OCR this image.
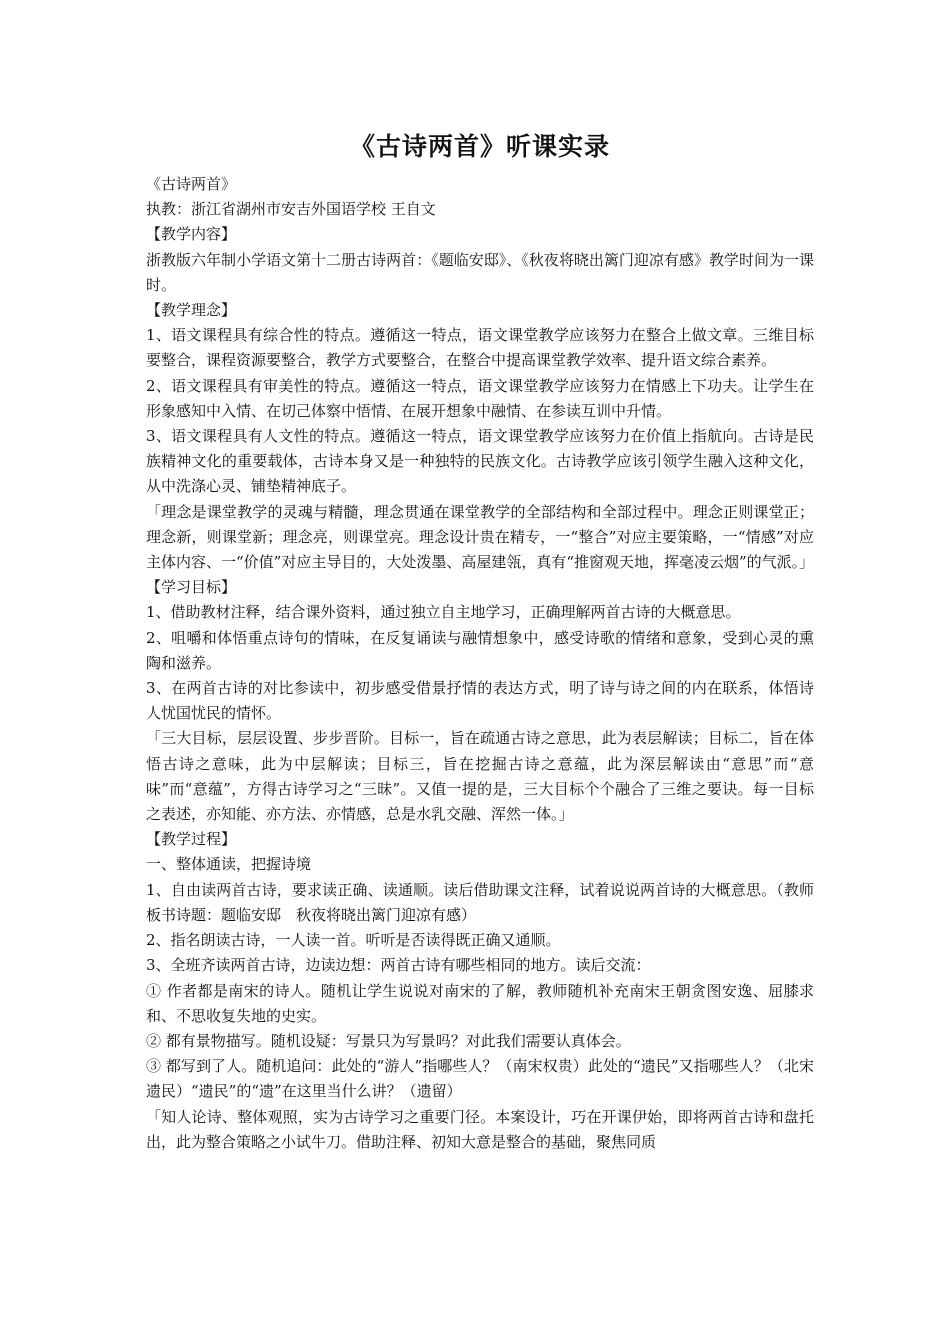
《古诗两首》听课实录

《古诗两首》

执教：浙江省湖州市安吉外国语学校 王自文

【教学内容】

浙教版六年制小学语文第十二册古诗两首：《题临安邸》、《秋夜将晓出篱门迎凉有感》教学时间为一课时。

【教学理念】

1、语文课程具有综合性的特点。遵循这一特点，语文课堂教学应该努力在整合上做文章。三维目标要整合，课程资源要整合，教学方式要整合，在整合中提高课堂教学效率、提升语文综合素养。

2、语文课程具有审美性的特点。遵循这一特点，语文课堂教学应该努力在情感上下功夫。让学生在形象感知中入情、在切己体察中悟情、在展开想象中融情、在参读互训中升情。

3、语文课程具有人文性的特点。遵循这一特点，语文课堂教学应该努力在价值上指航向。古诗是民族精神文化的重要载体，古诗本身又是一种独特的民族文化。古诗教学应该引领学生融入这种文化，从中洗涤心灵、铺垫精神底子。

「理念是课堂教学的灵魂与精髓，理念贯通在课堂教学的全部结构和全部过程中。理念正则课堂正；理念新，则课堂新；理念亮，则课堂亮。理念设计贵在精专，一“整合”对应主要策略，一“情感”对应主体内容、一“价值”对应主导目的，大处泼墨、高屋建瓴，真有“推窗观天地，挥毫凌云烟”的气派。」

【学习目标】

1、借助教材注释，结合课外资料，通过独立自主地学习，正确理解两首古诗的大概意思。

2、咀嚼和体悟重点诗句的情味，在反复诵读与融情想象中，感受诗歌的情绪和意象，受到心灵的熏陶和滋养。

3、在两首古诗的对比参读中，初步感受借景抒情的表达方式，明了诗与诗之间的内在联系，体悟诗人忧国忧民的情怀。

「三大目标，层层设置、步步晋阶。目标一，旨在疏通古诗之意思，此为表层解读；目标二，旨在体悟古诗之意味，此为中层解读；目标三，旨在挖掘古诗之意蕴，此为深层解读由“意思”而“意味”而“意蕴”，方得古诗学习之“三昧”。又值一提的是，三大目标个个融合了三维之要诀。每一目标之表述，亦知能、亦方法、亦情感，总是水乳交融、浑然一体。」

【教学过程】

一、整体通读，把握诗境

1、自由读两首古诗，要求读正确、读通顺。读后借助课文注释，试着说说两首诗的大概意思。（教师板书诗题：题临安邸　秋夜将晓出篱门迎凉有感）

2、指名朗读古诗，一人读一首。听听是否读得既正确又通顺。

3、全班齐读两首古诗，边读边想：两首古诗有哪些相同的地方。读后交流：

① 作者都是南宋的诗人。随机让学生说说对南宋的了解，教师随机补充南宋王朝贪图安逸、屈膝求和、不思收复失地的史实。

② 都有景物描写。随机设疑：写景只为写景吗？对此我们需要认真体会。

③ 都写到了人。随机追问：此处的“游人”指哪些人？（南宋权贵）此处的“遗民”又指哪些人？（北宋遗民）“遗民”的“遗”在这里当什么讲？（遗留）

「知人论诗、整体观照，实为古诗学习之重要门径。本案设计，巧在开课伊始，即将两首古诗和盘托出，此为整合策略之小试牛刀。借助注释、初知大意是整合的基础，聚焦同质
